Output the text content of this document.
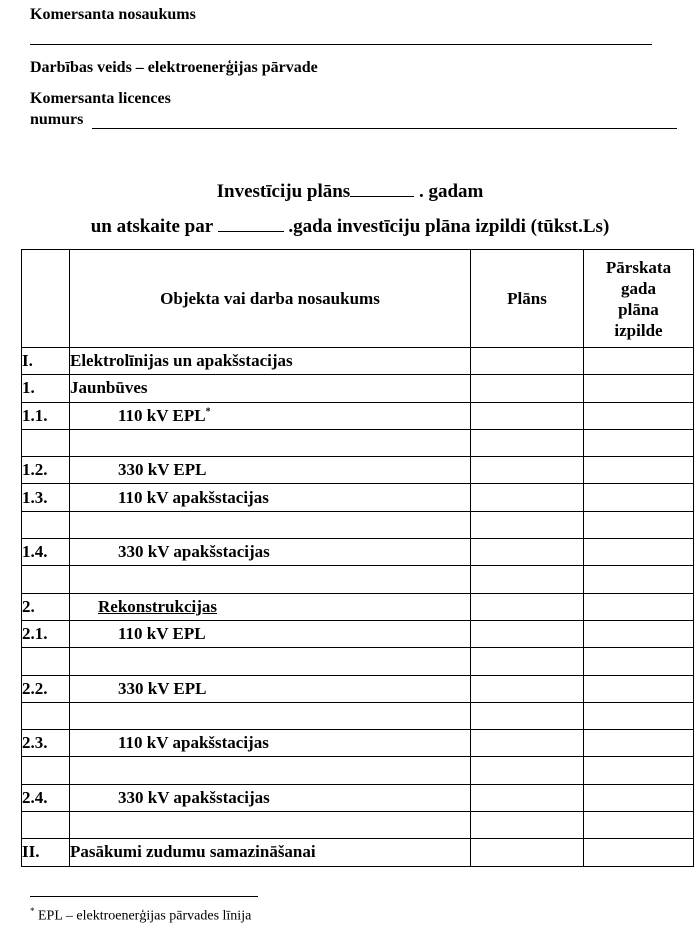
Komersanta nosaukums
Darbības veids – elektroenerģijas pārvade
Komersanta licences
numurs
Investīciju plāns	. gadam
un atskaite par	.gada investīciju plāna izpildi (tūkst.Ls)
	Objekta vai darba nosaukums	Plāns	Pārskata
gada
plāna
izpilde

I.	Elektrolīnijas un apakšstacijas		
1.	Jaunbūves		
1.1.	110 kV EPL*		

1.2.	330 kV EPL		
1.3.	110 kV apakšstacijas		

1.4.	330 kV apakšstacijas		

2.	Rekonstrukcijas		
2.1.	110 kV EPL		

2.2.	330 kV EPL		

2.3.	110 kV apakšstacijas		

2.4.	330 kV apakšstacijas		

II.	Pasākumi zudumu samazināšanai		
* EPL – elektroenerģijas pārvades līnija
